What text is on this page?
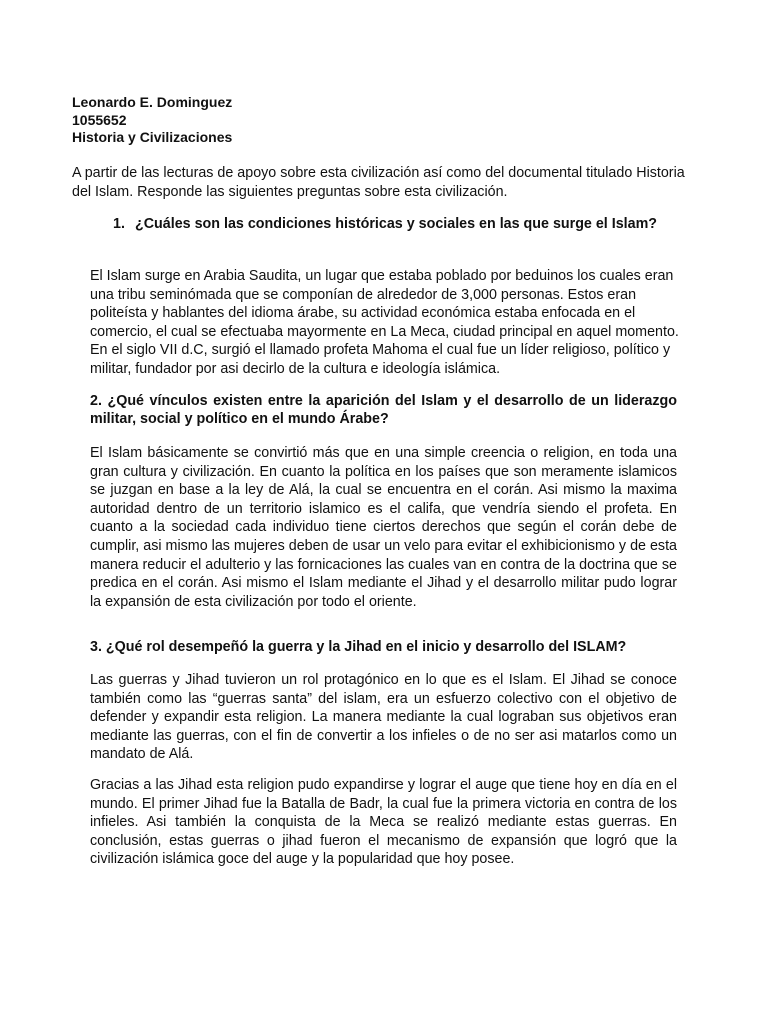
Leonardo E. Dominguez
1055652
Historia y Civilizaciones

A partir de las lecturas de apoyo sobre esta civilización así como del documental titulado Historia del Islam. Responde las siguientes preguntas sobre esta civilización.

1. ¿Cuáles son las condiciones históricas y sociales en las que surge el Islam?

El Islam surge en Arabia Saudita, un lugar que estaba poblado por beduinos los cuales eran una tribu seminómada que se componían de alrededor de 3,000 personas. Estos eran politeísta y hablantes del idioma árabe, su actividad económica estaba enfocada en el comercio, el cual se efectuaba mayormente en La Meca, ciudad principal en aquel momento. En el siglo VII d.C, surgió el llamado profeta Mahoma el cual fue un líder religioso, político y militar, fundador por asi decirlo de la cultura e ideología islámica.

2. ¿Qué vínculos existen entre la aparición del Islam y el desarrollo de un liderazgo militar, social y político en el mundo Árabe?

El Islam básicamente se convirtió más que en una simple creencia o religion, en toda una gran cultura y civilización. En cuanto la política en los países que son meramente islamicos se juzgan en base a la ley de Alá, la cual se encuentra en el corán. Asi mismo la maxima autoridad dentro de un territorio islamico es el califa, que vendría siendo el profeta. En cuanto a la sociedad cada individuo tiene ciertos derechos que según el corán debe de cumplir, asi mismo las mujeres deben de usar un velo para evitar el exhibicionismo y de esta manera reducir el adulterio y las fornicaciones las cuales van en contra de la doctrina que se predica en el corán. Asi mismo el Islam mediante el Jihad y el desarrollo militar pudo lograr la expansión de esta civilización por todo el oriente.

3. ¿Qué rol desempeñó la guerra y la Jihad en el inicio y desarrollo del ISLAM?

Las guerras y Jihad tuvieron un rol protagónico en lo que es el Islam. El Jihad se conoce también como las “guerras santa” del islam, era un esfuerzo colectivo con el objetivo de defender y expandir esta religion. La manera mediante la cual lograban sus objetivos eran mediante las guerras, con el fin de convertir a los infieles o de no ser asi matarlos como un mandato de Alá.

Gracias a las Jihad esta religion pudo expandirse y lograr el auge que tiene hoy en día en el mundo. El primer Jihad fue la Batalla de Badr, la cual fue la primera victoria en contra de los infieles. Asi también la conquista de la Meca se realizó mediante estas guerras. En conclusión, estas guerras o jihad fueron el mecanismo de expansión que logró que la civilización islámica goce del auge y la popularidad que hoy posee.
